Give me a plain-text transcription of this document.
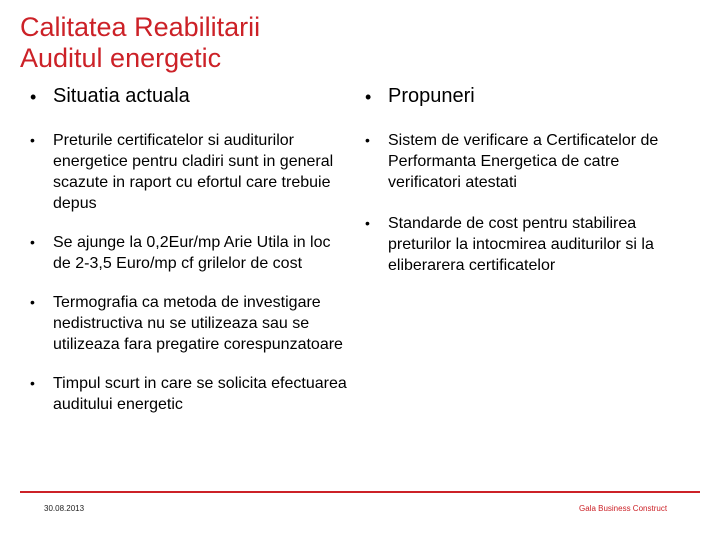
Calitatea Reabilitarii
Auditul energetic
• Situatia actuala
• Preturile certificatelor si auditurilor energetice pentru cladiri sunt in general scazute in raport cu efortul care trebuie depus
• Se ajunge la 0,2Eur/mp Arie Utila in loc de 2-3,5 Euro/mp cf grilelor de cost
• Termografia ca metoda de investigare nedistructiva nu se utilizeaza sau se utilizeaza fara pregatire corespunzatoare
• Timpul scurt in care se solicita efectuarea auditului energetic
• Propuneri
• Sistem de verificare a Certificatelor de Performanta Energetica de catre verificatori atestati
• Standarde de cost pentru stabilirea preturilor la intocmirea auditurilor si la eliberarera certificatelor
30.08.2013	Gala Business Construct
